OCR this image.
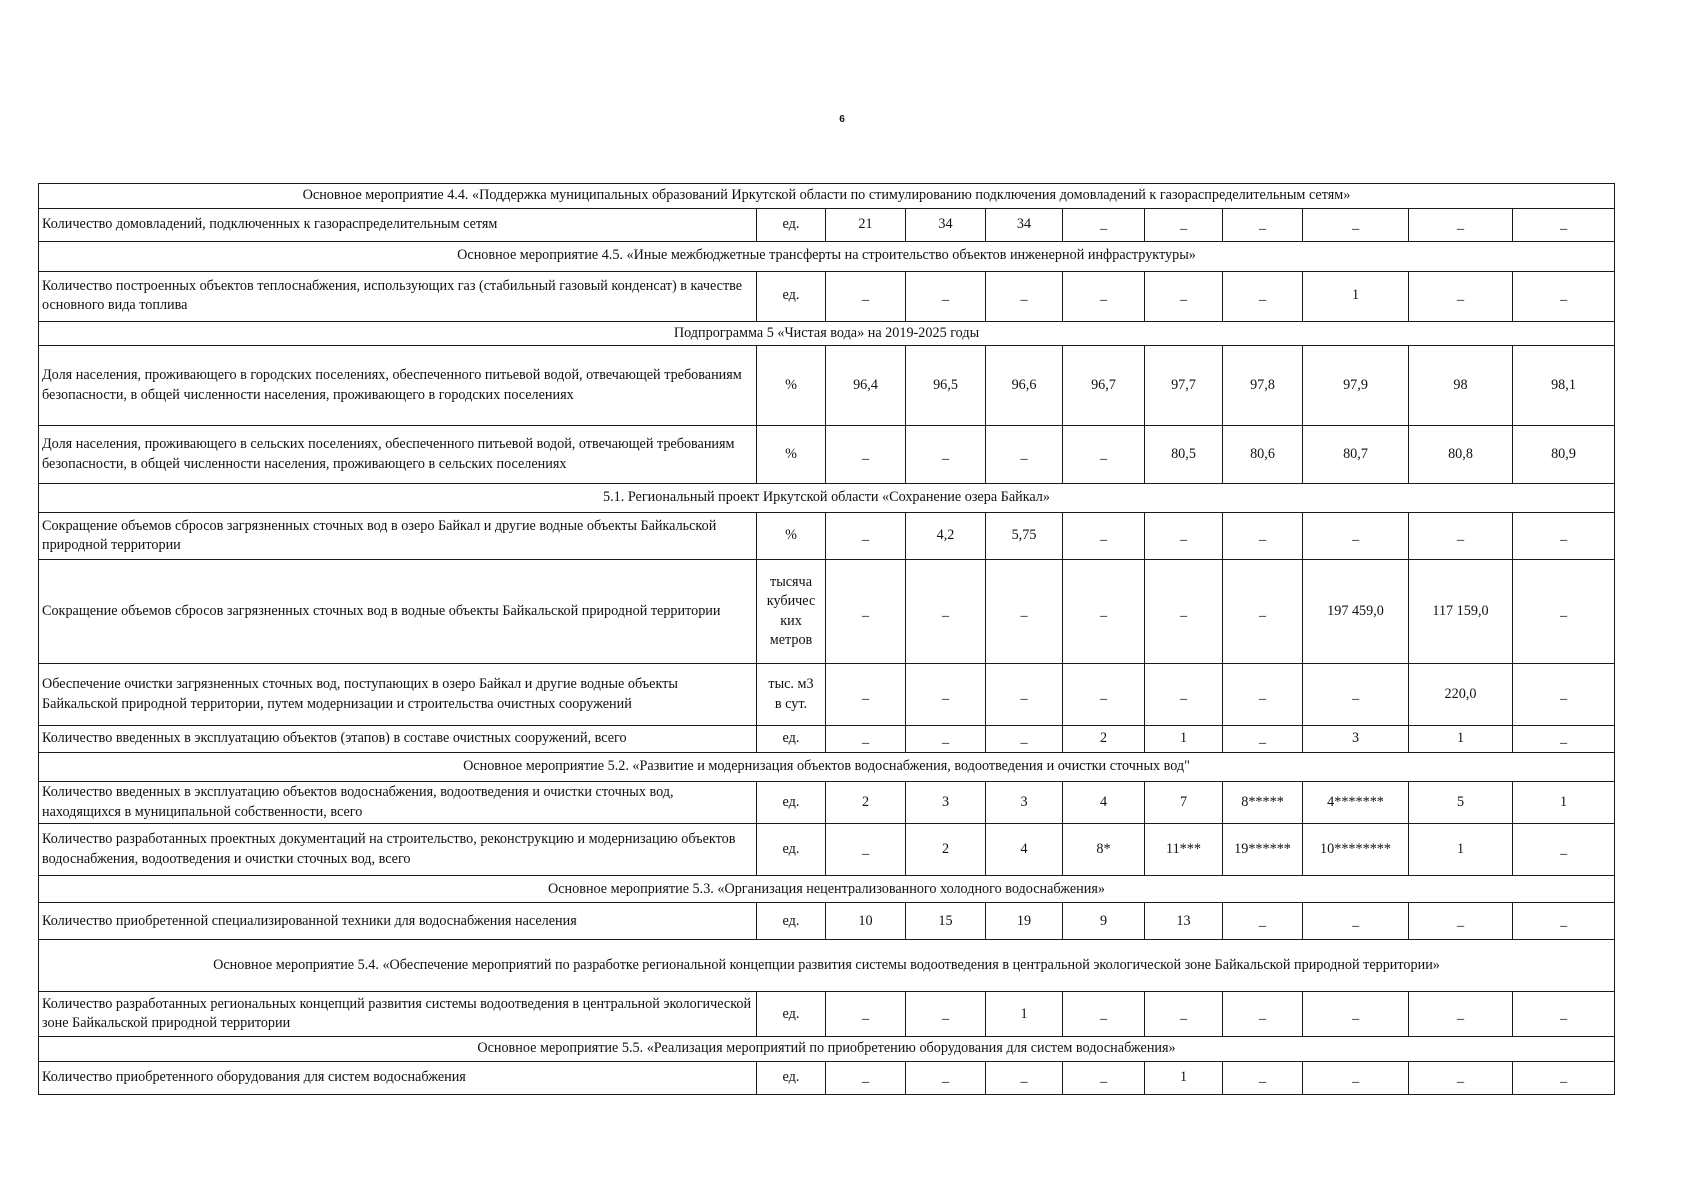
6
Основное мероприятие 4.4. «Поддержка муниципальных образований Иркутской области по стимулированию подключения домовладений к газораспределительным сетям»										
Количество домовладений, подключенных к газораспределительным сетям	ед.	21	34	34	_	_	_	_	_	_
Основное мероприятие 4.5. «Иные межбюджетные трансферты на строительство объектов инженерной инфраструктуры»										
Количество построенных объектов теплоснабжения, использующих газ (стабильный газовый конденсат) в качестве основного вида топлива	ед.	_	_	_	_	_	_	1	_	_
Подпрограмма 5 «Чистая вода» на 2019-2025 годы										
Доля населения, проживающего в городских поселениях, обеспеченного питьевой водой, отвечающей требованиям безопасности, в общей численности населения, проживающего в городских поселениях	%	96,4	96,5	96,6	96,7	97,7	97,8	97,9	98	98,1
Доля населения, проживающего в сельских поселениях, обеспеченного питьевой водой, отвечающей требованиям безопасности, в общей численности населения, проживающего в сельских поселениях	%	_	_	_	_	80,5	80,6	80,7	80,8	80,9
5.1. Региональный проект Иркутской области «Сохранение озера Байкал»										
Сокращение объемов сбросов загрязненных сточных вод в озеро Байкал и другие водные объекты Байкальской природной территории	%	_	4,2	5,75	_	_	_	_	_	_
Сокращение объемов сбросов загрязненных сточных вод в водные объекты Байкальской природной территории	тысяча
кубичес
ких
метров	_	_	_	_	_	_	197 459,0	117 159,0	_
Обеспечение очистки загрязненных сточных вод, поступающих в озеро Байкал и другие водные объекты Байкальской природной территории, путем модернизации и строительства очистных сооружений	тыс. м3
в сут.	_	_	_	_	_	_	_	220,0	_
Количество введенных в эксплуатацию объектов (этапов) в составе очистных сооружений, всего	ед.	_	_	_	2	1	_	3	1	_
Основное мероприятие 5.2. «Развитие и модернизация объектов водоснабжения, водоотведения и очистки сточных вод"										
Количество введенных в эксплуатацию объектов водоснабжения, водоотведения и очистки сточных вод, находящихся в муниципальной собственности, всего	ед.	2	3	3	4	7	8*****	4*******	5	1
Количество разработанных проектных документаций на строительство, реконструкцию и модернизацию объектов водоснабжения, водоотведения и очистки сточных вод, всего	ед.	_	2	4	8*	11***	19******	10********	1	_
Основное мероприятие 5.3. «Организация нецентрализованного холодного водоснабжения»										
Количество приобретенной специализированной техники для водоснабжения населения	ед.	10	15	19	9	13	_	_	_	_
Основное мероприятие 5.4. «Обеспечение мероприятий по разработке региональной концепции развития системы водоотведения в центральной экологической зоне Байкальской природной территории»										
Количество разработанных региональных концепций развития системы водоотведения в центральной экологической зоне Байкальской природной территории	ед.	_	_	1	_	_	_	_	_	_
Основное мероприятие 5.5. «Реализация мероприятий по приобретению оборудования для систем водоснабжения»										
Количество приобретенного оборудования для систем водоснабжения	ед.	_	_	_	_	1	_	_	_	_
